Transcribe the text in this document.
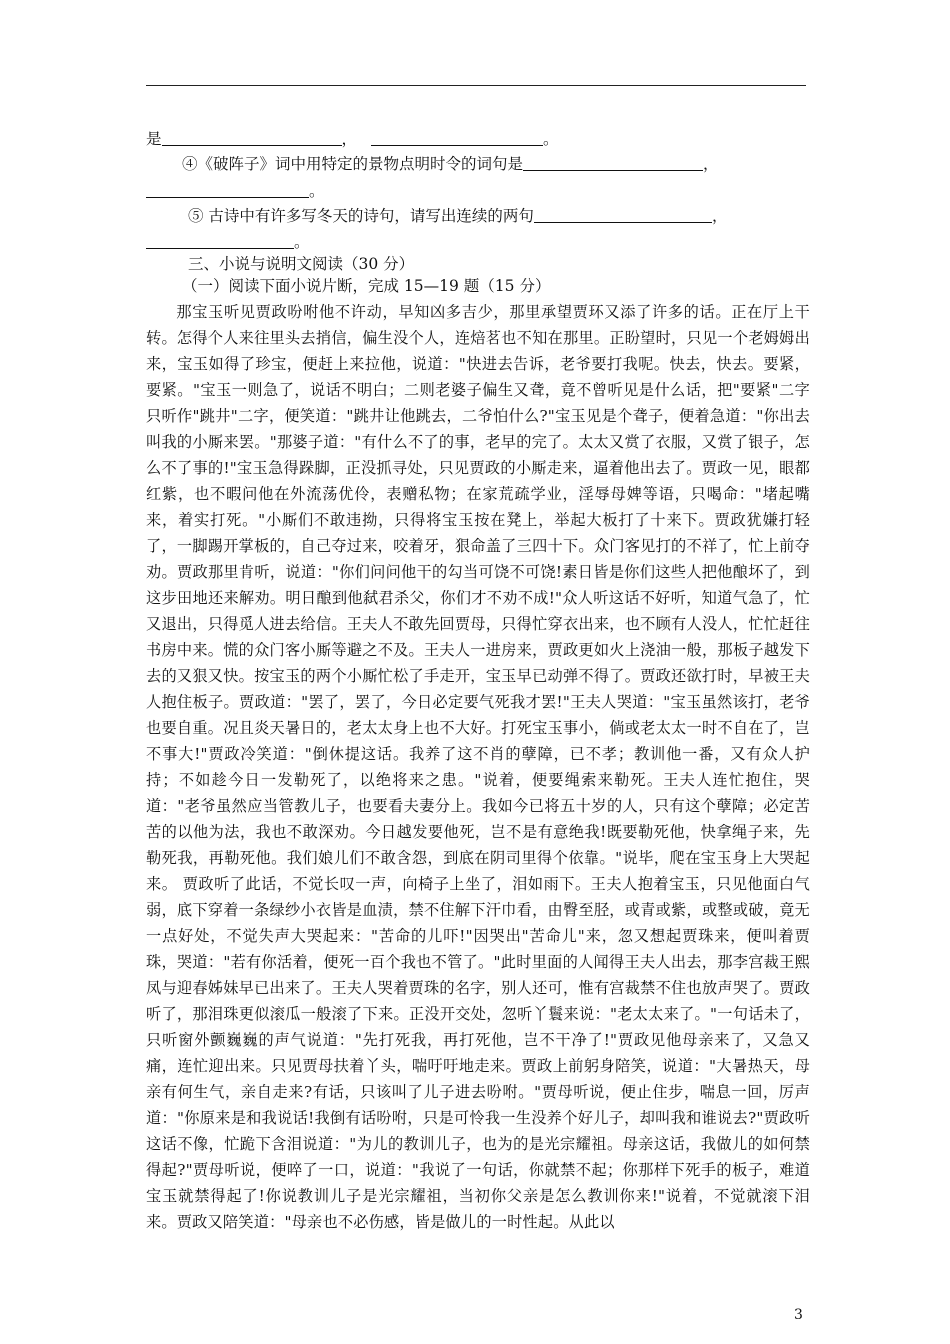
是	，	。
④《破阵子》词中用特定的景物点明时令的词句是	，
。
⑤ 古诗中有许多写冬天的诗句，请写出连续的两句	，
。
三、小说与说明文阅读（30 分）
（一）阅读下面小说片断，完成 15—19 题（15 分）
那宝玉听见贾政吩咐他不许动，早知凶多吉少，那里承望贾环又添了许多的话。正在厅上干转。怎得个人来往里头去捎信，偏生没个人，连焙茗也不知在那里。正盼望时，只见一个老姆姆出来，宝玉如得了珍宝，便赶上来拉他，说道："快进去告诉，老爷要打我呢。快去，快去。要紧，要紧。"宝玉一则急了，说话不明白；二则老婆子偏生又聋，竟不曾听见是什么话，把"要紧"二字只听作"跳井"二字，便笑道："跳井让他跳去，二爷怕什么?"宝玉见是个聋子，便着急道："你出去叫我的小厮来罢。"那婆子道："有什么不了的事，老早的完了。太太又赏了衣服，又赏了银子，怎么不了事的!"宝玉急得跺脚，正没抓寻处，只见贾政的小厮走来，逼着他出去了。贾政一见，眼都红紫，也不暇问他在外流荡优伶，表赠私物；在家荒疏学业，淫辱母婢等语，只喝命："堵起嘴来，着实打死。"小厮们不敢违拗，只得将宝玉按在凳上，举起大板打了十来下。贾政犹嫌打轻了，一脚踢开掌板的，自己夺过来，咬着牙，狠命盖了三四十下。众门客见打的不祥了，忙上前夺劝。贾政那里肯听，说道："你们问问他干的勾当可饶不可饶!素日皆是你们这些人把他酿坏了，到这步田地还来解劝。明日酿到他弑君杀父，你们才不劝不成!"众人听这话不好听，知道气急了，忙又退出，只得觅人进去给信。王夫人不敢先回贾母，只得忙穿衣出来，也不顾有人没人，忙忙赶往书房中来。慌的众门客小厮等避之不及。王夫人一进房来，贾政更如火上浇油一般，那板子越发下去的又狠又快。按宝玉的两个小厮忙松了手走开，宝玉早已动弹不得了。贾政还欲打时，早被王夫人抱住板子。贾政道："罢了，罢了，今日必定要气死我才罢!"王夫人哭道："宝玉虽然该打，老爷也要自重。况且炎天暑日的，老太太身上也不大好。打死宝玉事小，倘或老太太一时不自在了，岂不事大!"贾政冷笑道："倒休提这话。我养了这不肖的孽障，已不孝；教训他一番，又有众人护持；不如趁今日一发勒死了，以绝将来之患。"说着，便要绳索来勒死。王夫人连忙抱住，哭道："老爷虽然应当管教儿子，也要看夫妻分上。我如今已将五十岁的人，只有这个孽障；必定苦苦的以他为法，我也不敢深劝。今日越发要他死，岂不是有意绝我!既要勒死他，快拿绳子来，先勒死我，再勒死他。我们娘儿们不敢含怨，到底在阴司里得个依靠。"说毕，爬在宝玉身上大哭起来。 贾政听了此话，不觉长叹一声，向椅子上坐了，泪如雨下。王夫人抱着宝玉，只见他面白气弱，底下穿着一条绿纱小衣皆是血渍，禁不住解下汗巾看，由臀至胫，或青或紫，或整或破，竟无一点好处，不觉失声大哭起来："苦命的儿吓!"因哭出"苦命儿"来，忽又想起贾珠来，便叫着贾珠，哭道："若有你活着，便死一百个我也不管了。"此时里面的人闻得王夫人出去，那李宫裁王熙凤与迎春姊妹早已出来了。王夫人哭着贾珠的名字，别人还可，惟有宫裁禁不住也放声哭了。贾政听了，那泪珠更似滚瓜一般滚了下来。正没开交处，忽听丫鬟来说："老太太来了。"一句话未了，只听窗外颤巍巍的声气说道："先打死我，再打死他，岂不干净了!"贾政见他母亲来了，又急又痛，连忙迎出来。只见贾母扶着丫头，喘吁吁地走来。贾政上前躬身陪笑，说道："大暑热天，母亲有何生气，亲自走来?有话，只该叫了儿子进去吩咐。"贾母听说，便止住步，喘息一回，厉声道："你原来是和我说话!我倒有话吩咐，只是可怜我一生没养个好儿子，却叫我和谁说去?"贾政听这话不像，忙跪下含泪说道："为儿的教训儿子，也为的是光宗耀祖。母亲这话，我做儿的如何禁得起?"贾母听说，便啐了一口，说道："我说了一句话，你就禁不起；你那样下死手的板子，难道宝玉就禁得起了!你说教训儿子是光宗耀祖，当初你父亲是怎么教训你来!"说着，不觉就滚下泪来。贾政又陪笑道："母亲也不必伤感，皆是做儿的一时性起。从此以
3
